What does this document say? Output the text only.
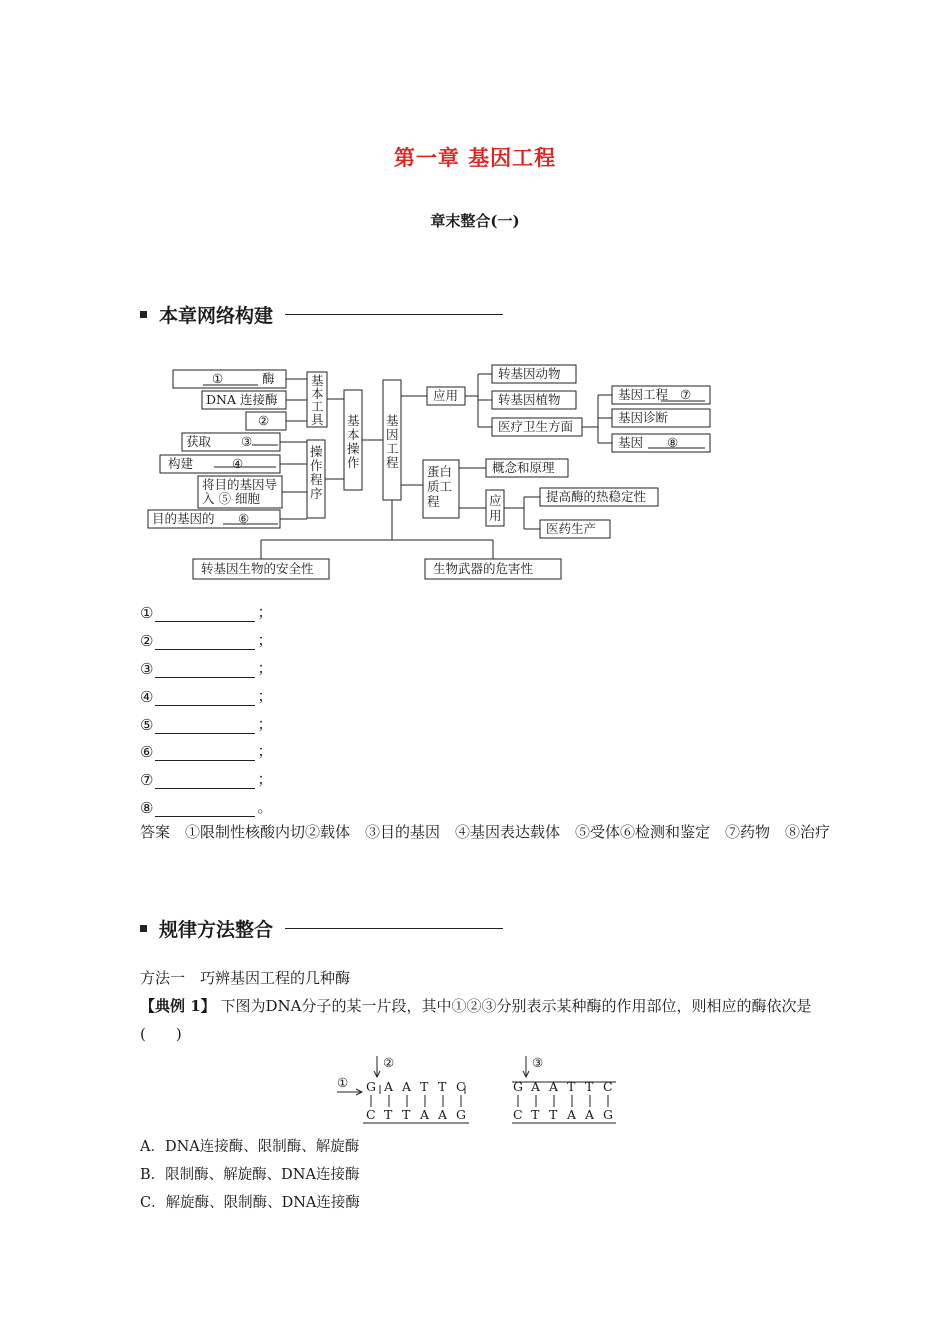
第一章 基因工程
章末整合(一)
本章网络构建
①	酶
DNA 连接酶
②
基
本
工
具
获取 ③
构建	④
将目的基因导
入 ⑤ 细胞
目的基因的 ⑥
操
作
程
序
基
本
操
作
基
因
工
程
应用
转基因动物
转基因植物
医疗卫生方面
基因工程 ⑦
基因诊断
基因 ⑧
蛋白
质工
程
概念和原理
应
用
提高酶的热稳定性
医药生产
转基因生物的安全性	生物武器的危害性
①	；
②	；
③	；
④	；
⑤	；
⑥	；
⑦	；
⑧	。
答案　①限制性核酸内切②载体　③目的基因　④基因表达载体　⑤受体⑥检测和鉴定　⑦药物　⑧治疗
规律方法整合
方法一　巧辨基因工程的几种酶
【典例 1】 下图为DNA分子的某一片段，其中①②③分别表示某种酶的作用部位，则相应的酶依次是(　　)
②
① G A A T T C
C T T A A G
③
G A A T T C
C T T A A G
A．DNA连接酶、限制酶、解旋酶
B．限制酶、解旋酶、DNA连接酶
C．解旋酶、限制酶、DNA连接酶
